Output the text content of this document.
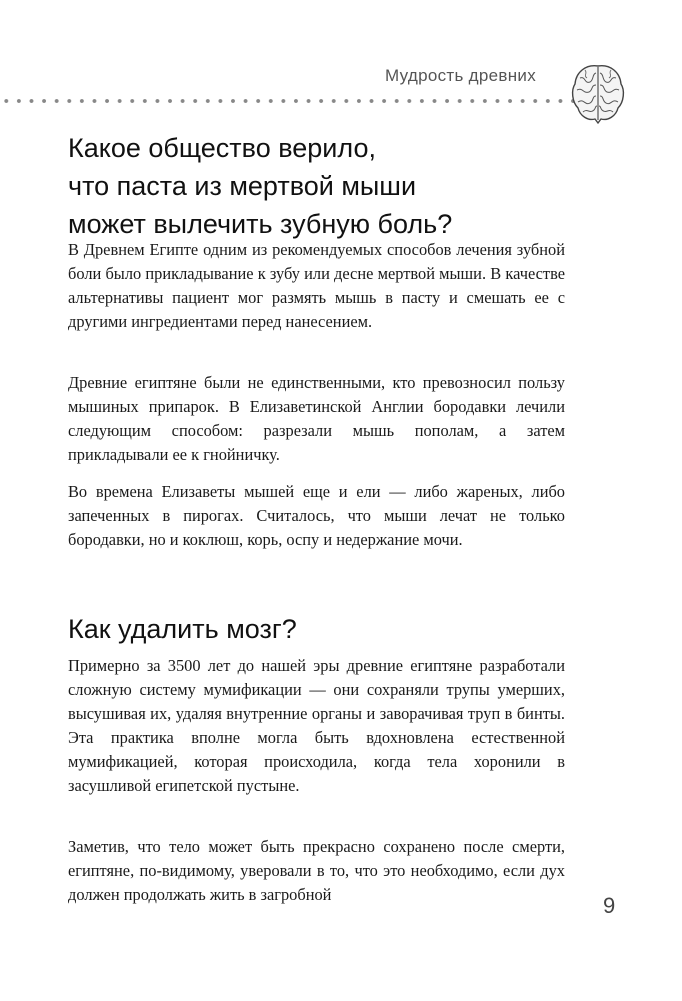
Мудрость древних
Какое общество верило,
что паста из мертвой мыши
может вылечить зубную боль?

В Древнем Египте одним из рекомендуемых способов лечения зубной боли было прикладывание к зубу или десне мертвой мыши. В качестве альтернативы пациент мог размять мышь в пасту и смешать ее с другими ингредиентами перед нанесением.

Древние египтяне были не единственными, кто превозносил пользу мышиных припарок. В Елизаветинской Англии бородавки лечили следующим способом: разрезали мышь пополам, а затем прикладывали ее к гнойничку.

Во времена Елизаветы мышей еще и ели — либо жареных, либо запеченных в пирогах. Считалось, что мыши лечат не только бородавки, но и коклюш, корь, оспу и недержание мочи.

Как удалить мозг?

Примерно за 3500 лет до нашей эры древние египтяне разработали сложную систему мумификации — они сохраняли трупы умерших, высушивая их, удаляя внутренние органы и заворачивая труп в бинты. Эта практика вполне могла быть вдохновлена естественной мумификацией, которая происходила, когда тела хоронили в засушливой египетской пустыне.

Заметив, что тело может быть прекрасно сохранено после смерти, египтяне, по-видимому, уверовали в то, что это необходимо, если дух должен продолжать жить в загробной	9
